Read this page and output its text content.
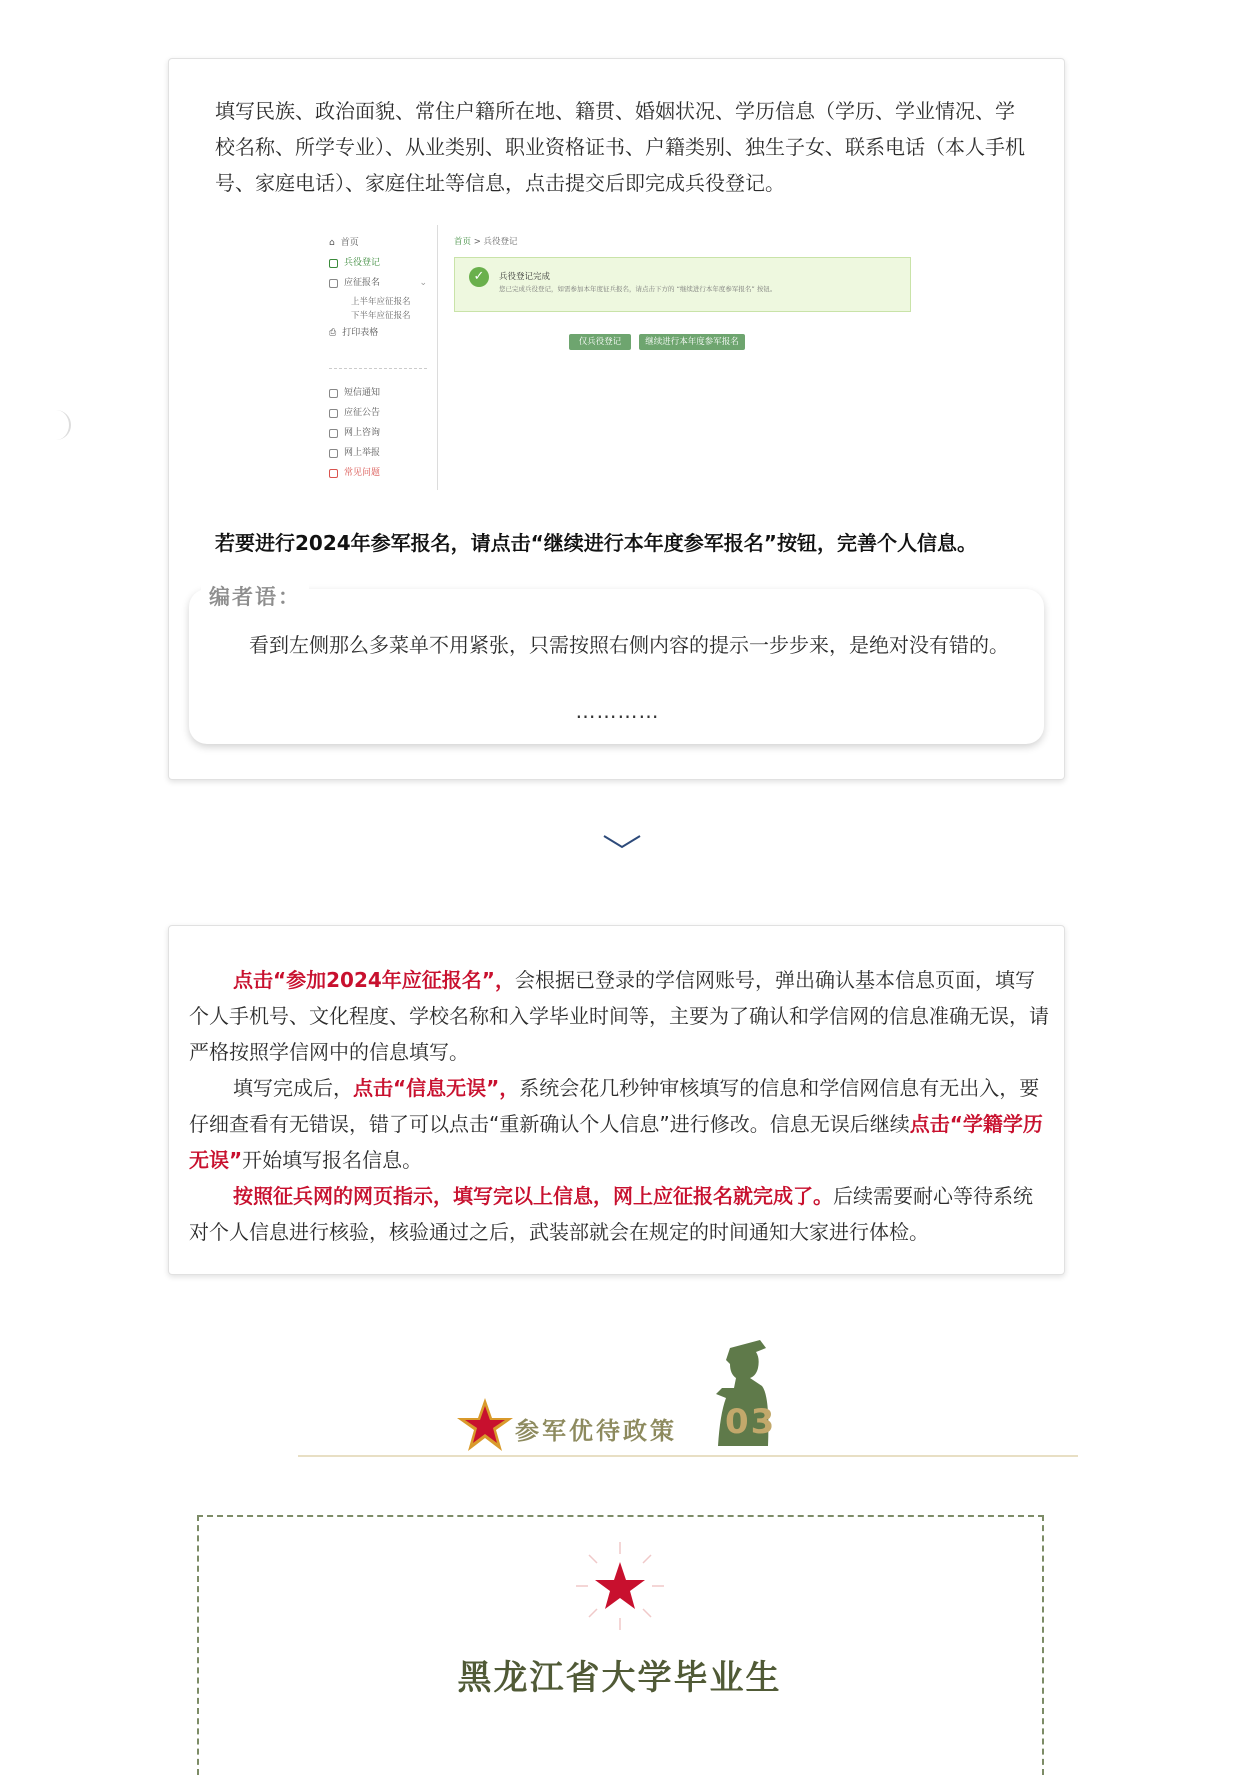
填写民族、政治面貌、常住户籍所在地、籍贯、婚姻状况、学历信息（学历、学业情况、学校名称、所学专业）、从业类别、职业资格证书、户籍类别、独生子女、联系电话（本人手机号、家庭电话）、家庭住址等信息，点击提交后即完成兵役登记。
⌂ 首页
兵役登记
应征报名	⌄
上半年应征报名
下半年应征报名
⎙ 打印表格
短信通知
应征公告
网上咨询
网上举报
常见问题
首页 > 兵役登记
✓	兵役登记完成
您已完成兵役登记，如需参加本年度征兵报名，请点击下方的 “继续进行本年度参军报名” 按钮。
仅兵役登记	继续进行本年度参军报名
若要进行2024年参军报名，请点击“继续进行本年度参军报名”按钮，完善个人信息。
编者语：
看到左侧那么多菜单不用紧张，只需按照右侧内容的提示一步步来，是绝对没有错的。
…………
点击“参加2024年应征报名”，会根据已登录的学信网账号，弹出确认基本信息页面，填写个人手机号、文化程度、学校名称和入学毕业时间等，主要为了确认和学信网的信息准确无误，请严格按照学信网中的信息填写。
填写完成后，点击“信息无误”，系统会花几秒钟审核填写的信息和学信网信息有无出入，要仔细查看有无错误，错了可以点击“重新确认个人信息”进行修改。信息无误后继续点击“学籍学历无误”开始填写报名信息。
按照征兵网的网页指示，填写完以上信息，网上应征报名就完成了。后续需要耐心等待系统对个人信息进行核验，核验通过之后，武装部就会在规定的时间通知大家进行体检。
参军优待政策 03
黑龙江省大学毕业生
